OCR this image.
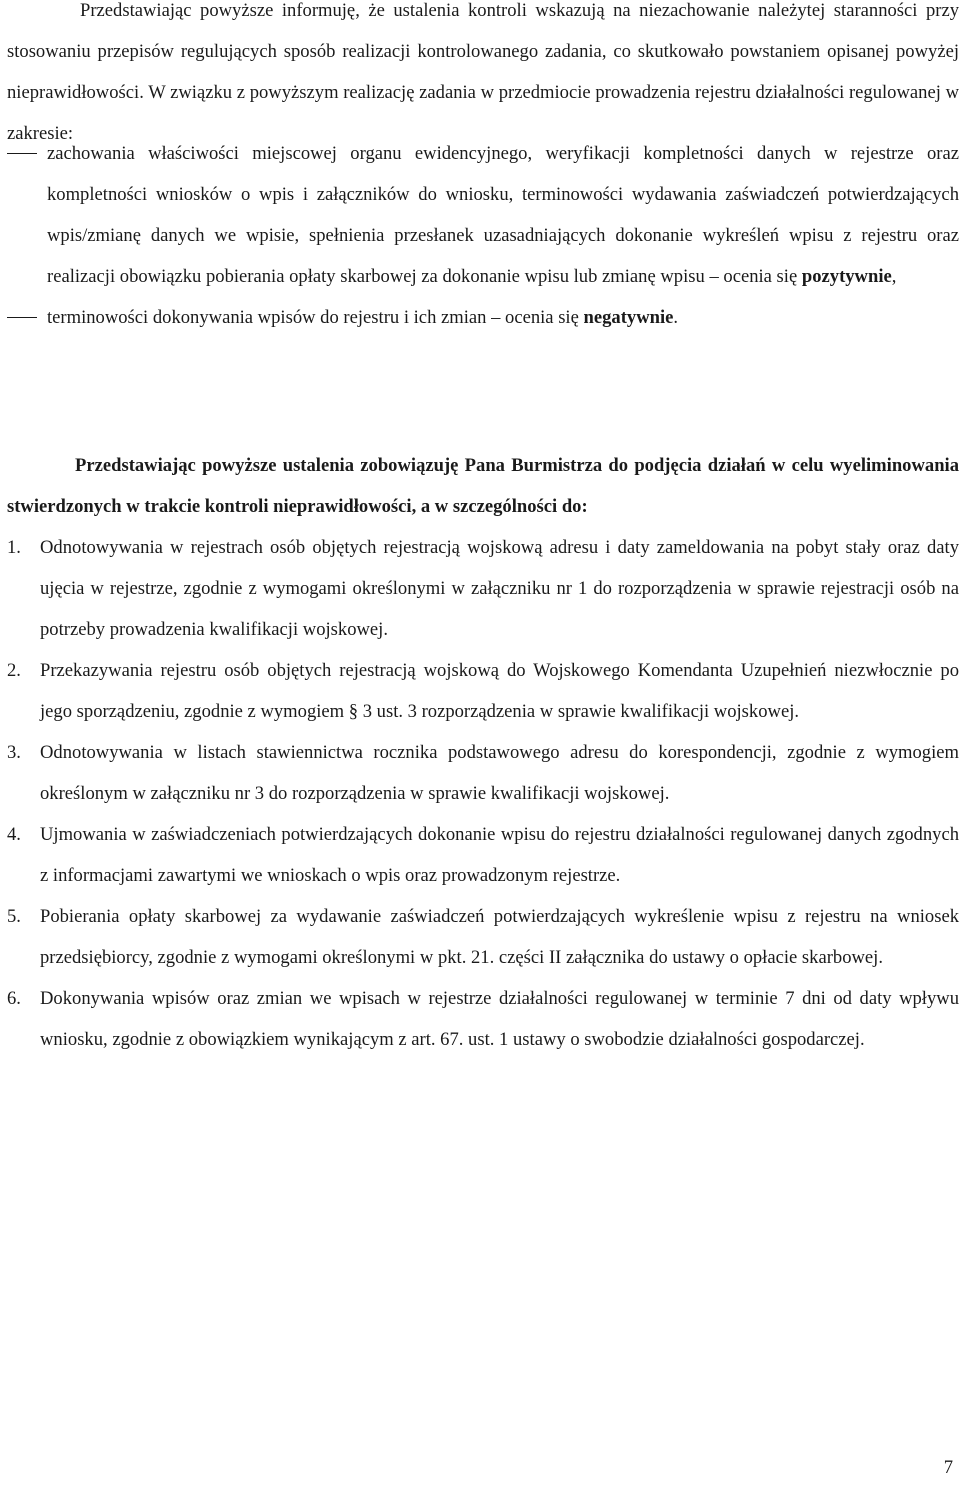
Przedstawiając powyższe informuję, że ustalenia kontroli wskazują na niezachowanie należytej staranności przy stosowaniu przepisów regulujących sposób realizacji kontrolowanego zadania, co skutkowało powstaniem opisanej powyżej nieprawidłowości. W związku z powyższym realizację zadania w przedmiocie prowadzenia rejestru działalności regulowanej w zakresie:

zachowania właściwości miejscowej organu ewidencyjnego, weryfikacji kompletności danych w rejestrze oraz kompletności wniosków o wpis i załączników do wniosku, terminowości wydawania zaświadczeń potwierdzających wpis/zmianę danych we wpisie, spełnienia przesłanek uzasadniających dokonanie wykreśleń wpisu z rejestru oraz realizacji obowiązku pobierania opłaty skarbowej za dokonanie wpisu lub zmianę wpisu ‒ ocenia się pozytywnie,
terminowości dokonywania wpisów do rejestru i ich zmian ‒ ocenia się negatywnie.

Przedstawiając powyższe ustalenia zobowiązuję Pana Burmistrza do podjęcia działań w celu wyeliminowania stwierdzonych w trakcie kontroli nieprawidłowości, a w szczególności do:

1. Odnotowywania w rejestrach osób objętych rejestracją wojskową adresu i daty zameldowania na pobyt stały oraz daty ujęcia w rejestrze, zgodnie z wymogami określonymi w załączniku nr 1 do rozporządzenia w sprawie rejestracji osób na potrzeby prowadzenia kwalifikacji wojskowej.
2. Przekazywania rejestru osób objętych rejestracją wojskową do Wojskowego Komendanta Uzupełnień niezwłocznie po jego sporządzeniu, zgodnie z wymogiem § 3 ust. 3 rozporządzenia w sprawie kwalifikacji wojskowej.
3. Odnotowywania w listach stawiennictwa rocznika podstawowego adresu do korespondencji, zgodnie z wymogiem określonym w załączniku nr 3 do rozporządzenia w sprawie kwalifikacji wojskowej.
4. Ujmowania w zaświadczeniach potwierdzających dokonanie wpisu do rejestru działalności regulowanej danych zgodnych z informacjami zawartymi we wnioskach o wpis oraz prowadzonym rejestrze.
5. Pobierania opłaty skarbowej za wydawanie zaświadczeń potwierdzających wykreślenie wpisu z rejestru na wniosek przedsiębiorcy, zgodnie z wymogami określonymi w pkt. 21. części II załącznika do ustawy o opłacie skarbowej.
6. Dokonywania wpisów oraz zmian we wpisach w rejestrze działalności regulowanej w terminie 7 dni od daty wpływu wniosku, zgodnie z obowiązkiem wynikającym z art. 67. ust. 1 ustawy o swobodzie działalności gospodarczej.
7
